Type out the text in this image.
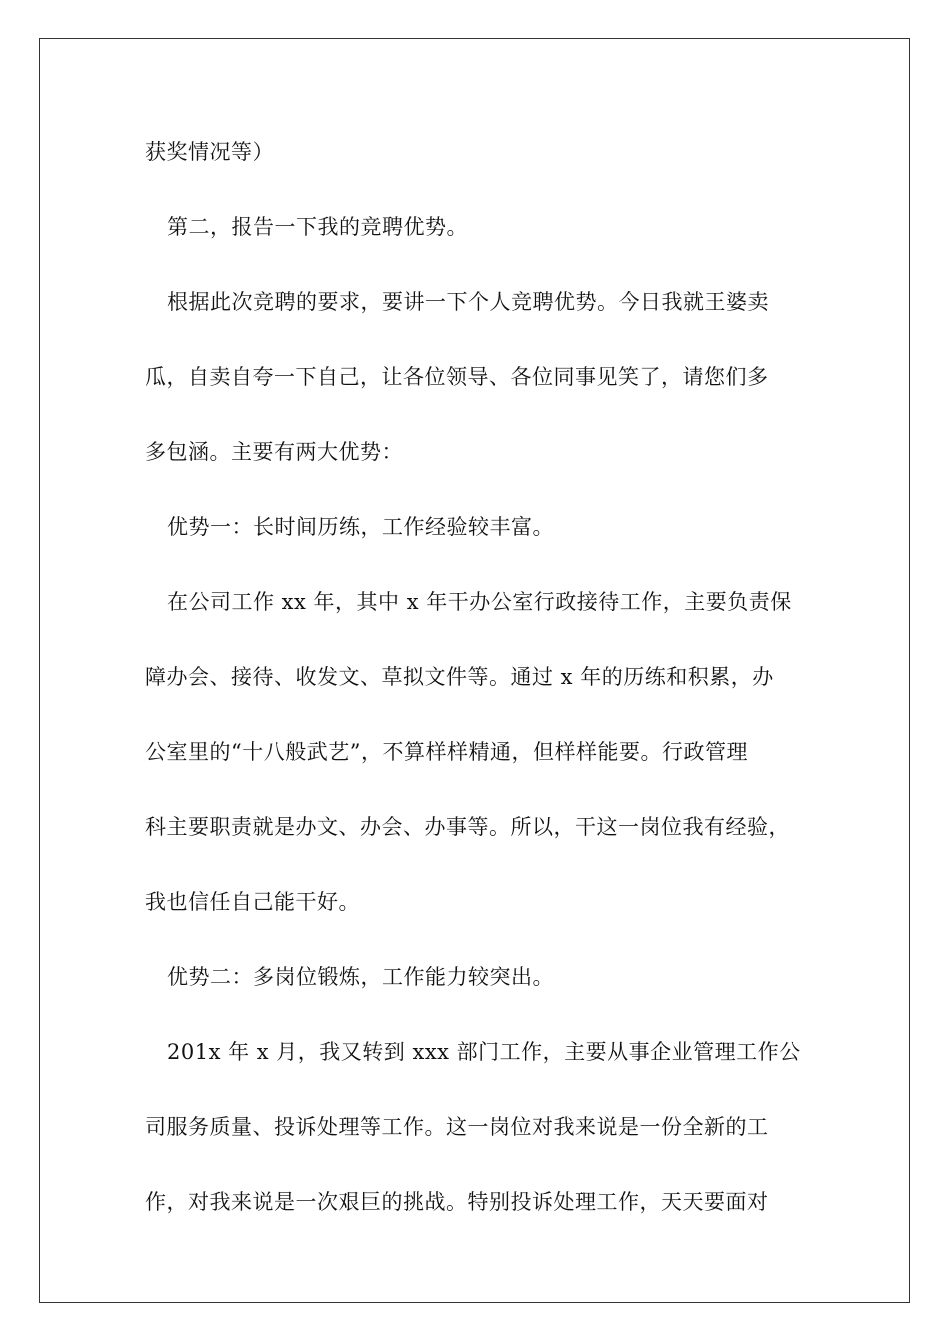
获奖情况等）
第二，报告一下我的竞聘优势。
根据此次竞聘的要求，要讲一下个人竞聘优势。今日我就王婆卖
瓜，自卖自夸一下自己，让各位领导、各位同事见笑了，请您们多
多包涵。主要有两大优势：
优势一：长时间历练，工作经验较丰富。
在公司工作 xx 年，其中 x 年干办公室行政接待工作，主要负责保
障办会、接待、收发文、草拟文件等。通过 x 年的历练和积累，办
公室里的“十八般武艺”，不算样样精通，但样样能要。行政管理
科主要职责就是办文、办会、办事等。所以，干这一岗位我有经验，
我也信任自己能干好。
优势二：多岗位锻炼，工作能力较突出。
201x 年 x 月，我又转到 xxx 部门工作，主要从事企业管理工作公
司服务质量、投诉处理等工作。这一岗位对我来说是一份全新的工
作，对我来说是一次艰巨的挑战。特别投诉处理工作，天天要面对
